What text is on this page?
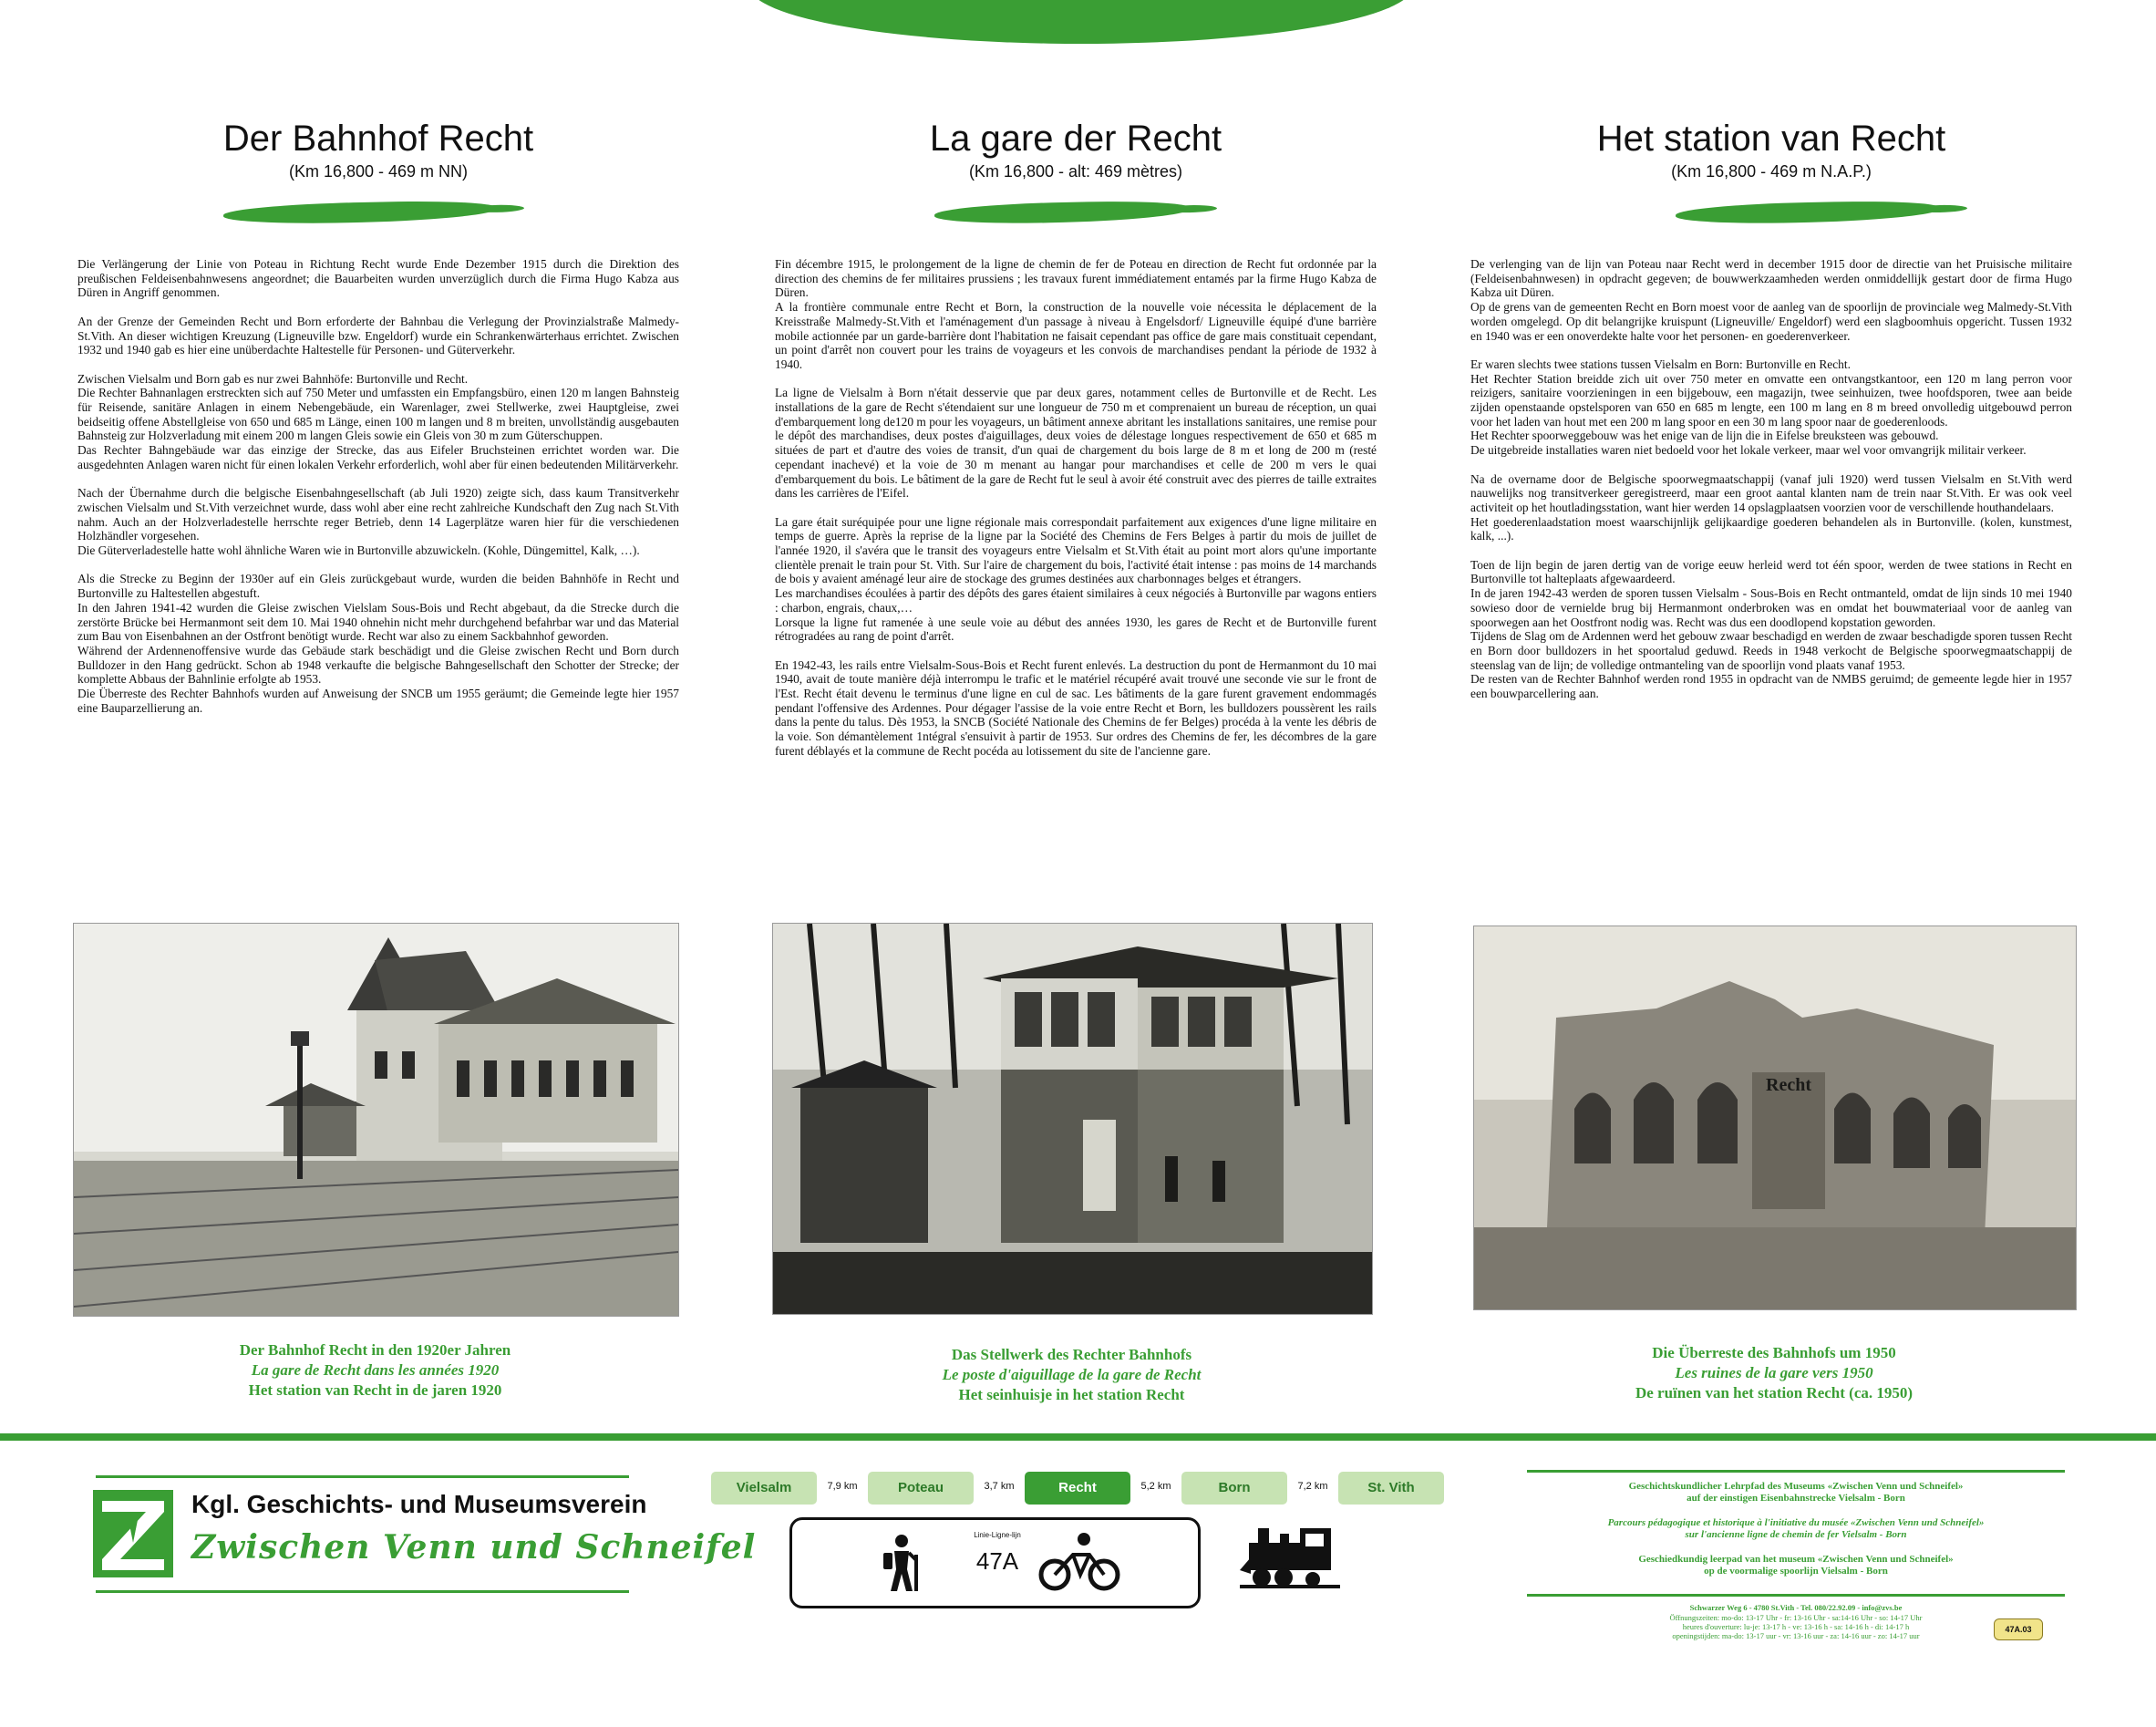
Der Bahnhof Recht
(Km 16,800 - 469 m NN)

Die Verlängerung der Linie von Poteau in Richtung Recht wurde Ende Dezember 1915 durch die Direktion des preußischen Feldeisenbahnwesens angeordnet; die Bauarbeiten wurden unverzüglich durch die Firma Hugo Kabza aus Düren in Angriff genommen.

An der Grenze der Gemeinden Recht und Born erforderte der Bahnbau die Verlegung der Provinzialstraße Malmedy-St.Vith. An dieser wichtigen Kreuzung (Ligneuville bzw. Engeldorf) wurde ein Schrankenwärterhaus errichtet. Zwischen 1932 und 1940 gab es hier eine unüberdachte Haltestelle für Personen- und Güterverkehr.

Zwischen Vielsalm und Born gab es nur zwei Bahnhöfe: Burtonville und Recht.
Die Rechter Bahnanlagen erstreckten sich auf 750 Meter und umfassten ein Empfangsbüro, einen 120 m langen Bahnsteig für Reisende, sanitäre Anlagen in einem Nebengebäude, ein Warenlager, zwei Stellwerke, zwei Hauptgleise, zwei beidseitig offene Abstellgleise von 650 und 685 m Länge, einen 100 m langen und 8 m breiten, unvollständig ausgebauten Bahnsteig zur Holzverladung mit einem 200 m langen Gleis sowie ein Gleis von 30 m zum Güterschuppen.
Das Rechter Bahngebäude war das einzige der Strecke, das aus Eifeler Bruchsteinen errichtet worden war. Die ausgedehnten Anlagen waren nicht für einen lokalen Verkehr erforderlich, wohl aber für einen bedeutenden Militärverkehr.

Nach der Übernahme durch die belgische Eisenbahngesellschaft (ab Juli 1920) zeigte sich, dass kaum Transitverkehr zwischen Vielsalm und St.Vith verzeichnet wurde, dass wohl aber eine recht zahlreiche Kundschaft den Zug nach St.Vith nahm. Auch an der Holzverladestelle herrschte reger Betrieb, denn 14 Lagerplätze waren hier für die verschiedenen Holzhändler vorgesehen.
Die Güterverladestelle hatte wohl ähnliche Waren wie in Burtonville abzuwickeln. (Kohle, Düngemittel, Kalk, …).

Als die Strecke zu Beginn der 1930er auf ein Gleis zurückgebaut wurde, wurden die beiden Bahnhöfe in Recht und Burtonville zu Haltestellen abgestuft.
In den Jahren 1941-42 wurden die Gleise zwischen Vielslam Sous-Bois und Recht abgebaut, da die Strecke durch die zerstörte Brücke bei Hermanmont seit dem 10. Mai 1940 ohnehin nicht mehr durchgehend befahrbar war und das Material zum Bau von Eisenbahnen an der Ostfront benötigt wurde. Recht war also zu einem Sackbahnhof geworden.
Während der Ardennenoffensive wurde das Gebäude stark beschädigt und die Gleise zwischen Recht und Born durch Bulldozer in den Hang gedrückt. Schon ab 1948 verkaufte die belgische Bahngesellschaft den Schotter der Strecke; der komplette Abbaus der Bahnlinie erfolgte ab 1953.
Die Überreste des Rechter Bahnhofs wurden auf Anweisung der SNCB um 1955 geräumt; die Gemeinde legte hier 1957 eine Bauparzellierung an.

La gare der Recht
(Km 16,800 - alt: 469 mètres)

Fin décembre 1915, le prolongement de la ligne de chemin de fer de Poteau en direction de Recht fut ordonnée par la direction des chemins de fer militaires prussiens ; les travaux furent immédiatement entamés par la firme Hugo Kabza de Düren.
A la frontière communale entre Recht et Born, la construction de la nouvelle voie nécessita le déplacement de la Kreisstraße Malmedy-St.Vith et l'aménagement d'un passage à niveau à Engelsdorf/ Ligneuville équipé d'une barrière mobile actionnée par un garde-barrière dont l'habitation ne faisait cependant pas office de gare mais constituait cependant, un point d'arrêt non couvert pour les trains de voyageurs et les convois de marchandises pendant la période de 1932 à 1940.

La ligne de Vielsalm à Born n'était desservie que par deux gares, notamment celles de Burtonville et de Recht. Les installations de la gare de Recht s'étendaient sur une longueur de 750 m et comprenaient un bureau de réception, un quai d'embarquement long de120 m pour les voyageurs, un bâtiment annexe abritant les installations sanitaires, une remise pour le dépôt des marchandises, deux postes d'aiguillages, deux voies de délestage longues respectivement de 650 et 685 m situées de part et d'autre des voies de transit, d'un quai de chargement du bois large de 8 m et long de 200 m (resté cependant inachevé) et la voie de 30 m menant au hangar pour marchandises et celle de 200 m vers le quai d'embarquement du bois. Le bâtiment de la gare de Recht fut le seul à avoir été construit avec des pierres de taille extraites dans les carrières de l'Eifel.

La gare était suréquipée pour une ligne régionale mais correspondait parfaitement aux exigences d'une ligne militaire en temps de guerre. Après la reprise de la ligne par la Société des Chemins de Fers Belges à partir du mois de juillet de l'année 1920, il s'avéra que le transit des voyageurs entre Vielsalm et St.Vith était au point mort alors qu'une importante clientèle prenait le train pour St. Vith. Sur l'aire de chargement du bois, l'activité était intense : pas moins de 14 marchands de bois y avaient aménagé leur aire de stockage des grumes destinées aux charbonnages belges et étrangers.
Les marchandises écoulées à partir des dépôts des gares étaient similaires à ceux négociés à Burtonville par wagons entiers : charbon, engrais, chaux,…
Lorsque la ligne fut ramenée à une seule voie au début des années 1930, les gares de Recht et de Burtonville furent rétrogradées au rang de point d'arrêt.

En 1942-43, les rails entre Vielsalm-Sous-Bois et Recht furent enlevés. La destruction du pont de Hermanmont du 10 mai 1940, avait de toute manière déjà interrompu le trafic et le matériel récupéré avait trouvé une seconde vie sur le front de l'Est. Recht était devenu le terminus d'une ligne en cul de sac. Les bâtiments de la gare furent gravement endommagés pendant l'offensive des Ardennes. Pour dégager l'assise de la voie entre Recht et Born, les bulldozers poussèrent les rails dans la pente du talus. Dès 1953, la SNCB (Société Nationale des Chemins de fer Belges) procéda à la vente les débris de la voie. Son démantèlement 1ntégral s'ensuivit à partir de 1953. Sur ordres des Chemins de fer, les décombres de la gare furent déblayés et la commune de Recht pocéda au lotissement du site de l'ancienne gare.

Het station van Recht
(Km 16,800 - 469 m N.A.P.)

De verlenging van de lijn van Poteau naar Recht werd in december 1915 door de directie van het Pruisische militaire (Feldeisenbahnwesen) in opdracht gegeven; de bouwwerkzaamheden werden onmiddellijk gestart door de firma Hugo Kabza uit Düren.
Op de grens van de gemeenten Recht en Born moest voor de aanleg van de spoorlijn de provinciale weg Malmedy-St.Vith worden omgelegd. Op dit belangrijke kruispunt (Ligneuville/ Engeldorf) werd een slagboomhuis opgericht. Tussen 1932 en 1940 was er een onoverdekte halte voor het personen- en goederenverkeer.

Er waren slechts twee stations tussen Vielsalm en Born: Burtonville en Recht.
Het Rechter Station breidde zich uit over 750 meter en omvatte een ontvangstkantoor, een 120 m lang perron voor reizigers, sanitaire voorzieningen in een bijgebouw, een magazijn, twee seinhuizen, twee hoofdsporen, twee aan beide zijden openstaande opstelsporen van 650 en 685 m lengte, een 100 m lang en 8 m breed onvolledig uitgebouwd perron voor het laden van hout met een 200 m lang spoor en een 30 m lang spoor naar de goederenloods.
Het Rechter spoorweggebouw was het enige van de lijn die in Eifelse breuksteen was gebouwd.
De uitgebreide installaties waren niet bedoeld voor het lokale verkeer, maar wel voor omvangrijk militair verkeer.

Na de overname door de Belgische spoorwegmaatschappij (vanaf juli 1920) werd tussen Vielsalm en St.Vith werd nauwelijks nog transitverkeer geregistreerd, maar een groot aantal klanten nam de trein naar St.Vith. Er was ook veel activiteit op het houtladingsstation, want hier werden 14 opslagplaatsen voorzien voor de verschillende houthandelaars.
Het goederenlaadstation moest waarschijnlijk gelijkaardige goederen behandelen als in Burtonville. (kolen, kunstmest, kalk, ...).

Toen de lijn begin de jaren dertig van de vorige eeuw herleid werd tot één spoor, werden de twee stations in Recht en Burtonville tot halteplaats afgewaardeerd.
In de jaren 1942-43 werden de sporen tussen Vielsalm - Sous-Bois en Recht ontmanteld, omdat de lijn sinds 10 mei 1940 sowieso door de vernielde brug bij Hermanmont onderbroken was en omdat het bouwmateriaal voor de aanleg van spoorwegen aan het Oostfront nodig was. Recht was dus een doodlopend kopstation geworden.
Tijdens de Slag om de Ardennen werd het gebouw zwaar beschadigd en werden de zwaar beschadigde sporen tussen Recht en Born door bulldozers in het spoortalud geduwd. Reeds in 1948 verkocht de Belgische spoorwegmaatschappij de steenslag van de lijn; de volledige ontmanteling van de spoorlijn vond plaats vanaf 1953.
De resten van de Rechter Bahnhof werden rond 1955 in opdracht van de NMBS geruimd; de gemeente legde hier in 1957 een bouwparcellering aan.

Recht
Der Bahnhof Recht in den 1920er Jahren
La gare de Recht dans les années 1920
Het station van Recht in de jaren 1920
Das Stellwerk des Rechter Bahnhofs
Le poste d'aiguillage de la gare de Recht
Het seinhuisje in het station Recht
Die Überreste des Bahnhofs um 1950
Les ruines de la gare vers 1950
De ruïnen van het station Recht (ca. 1950)
Kgl. Geschichts- und Museumsverein
Zwischen Venn und Schneifel
Vielsalm	7,9 km	Poteau	3,7 km	Recht	5,2 km	Born	7,2 km	St. Vith
Linie-Ligne-lijn
47A
Geschichtskundlicher Lehrpfad des Museums «Zwischen Venn und Schneifel»
auf der einstigen Eisenbahnstrecke Vielsalm - Born
Parcours pédagogique et historique à l'initiative du musée «Zwischen Venn und Schneifel»
sur l'ancienne ligne de chemin de fer Vielsalm - Born
Geschiedkundig leerpad van het museum «Zwischen Venn und Schneifel»
op de voormalige spoorlijn Vielsalm - Born
Schwarzer Weg 6 - 4780 St.Vith - Tel. 080/22.92.09 - info@zvs.be
Öffnungszeiten: mo-do: 13-17 Uhr - fr: 13-16 Uhr - sa:14-16 Uhr - so: 14-17 Uhr
heures d'ouverture: lu-je: 13-17 h - ve: 13-16 h - sa: 14-16 h - di: 14-17 h
openingstijden: ma-do: 13-17 uur - vr: 13-16 uur - za: 14-16 uur - zo: 14-17 uur
47A.03
